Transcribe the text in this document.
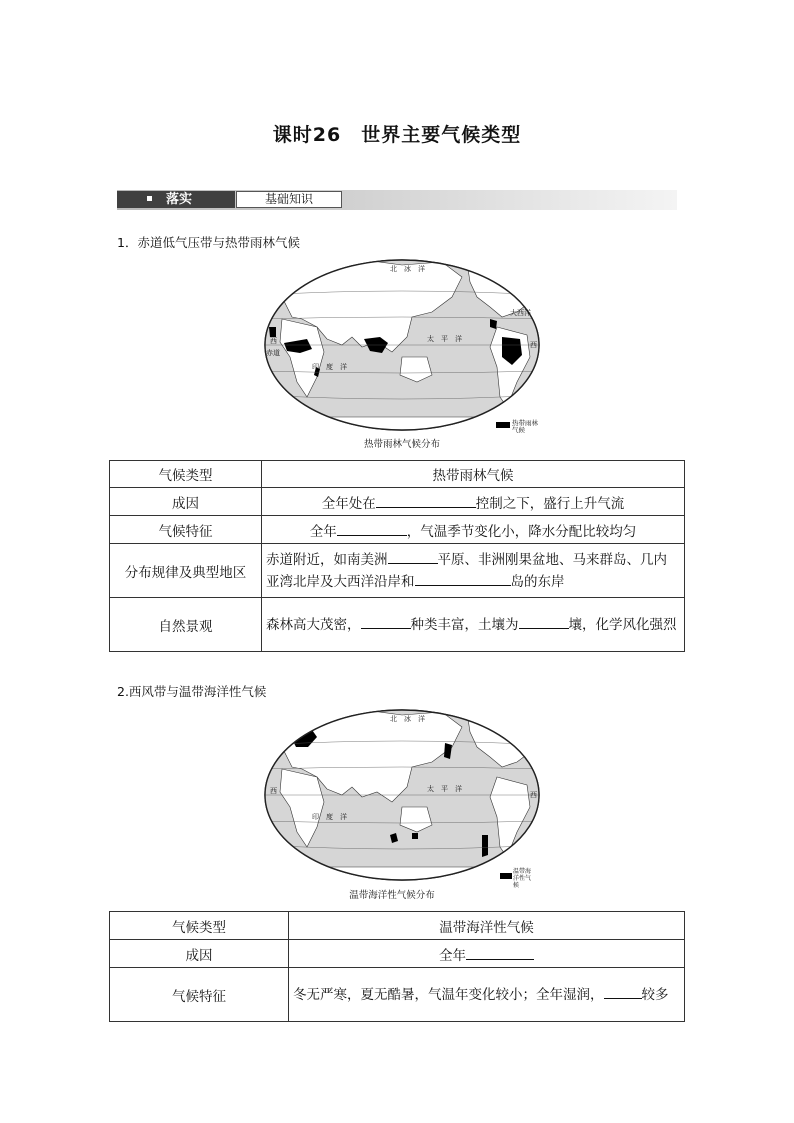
课时26　世界主要气候类型
落实	基础知识
1．赤道低气压带与热带雨林气候
北　冰　洋
太　平　洋
印　度　洋
大西洋
西
西
赤道
热带雨林气候
热带雨林气候分布
气候类型	热带雨林气候
成因	全年处在 控制之下，盛行上升气流
气候特征	全年 ，气温季节变化小，降水分配比较均匀
分布规律及典型地区	赤道附近，如南美洲 平原、非洲刚果盆地、马来群岛、几内亚湾北岸及大西洋沿岸和 岛的东岸
自然景观	森林高大茂密， 种类丰富，土壤为 壤，化学风化强烈
2.西风带与温带海洋性气候
北　冰　洋
太　平　洋
印　度　洋
西
西
温带海洋性气候
温带海洋性气候分布
气候类型	温带海洋性气候
成因	全年
气候特征	冬无严寒，夏无酷暑，气温年变化较小；全年湿润， 较多
